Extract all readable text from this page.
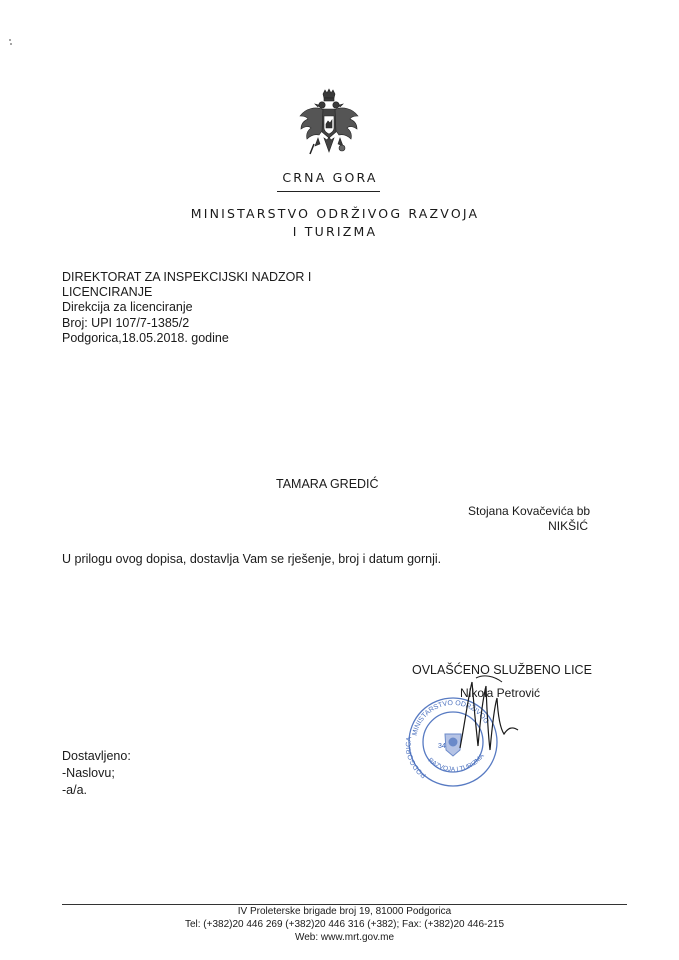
CRNA GORA
MINISTARSTVO ODRŽIVOG RAZVOJA
I TURIZMA
DIREKTORAT ZA INSPEKCIJSKI NADZOR I
LICENCIRANJE
Direkcija za licenciranje
Broj: UPI 107/7-1385/2
Podgorica,18.05.2018. godine
TAMARA GREDIĆ
Stojana Kovačevića bb
NIKŠIĆ
U prilogu ovog dopisa, dostavlja Vam se rješenje, broj i datum gornji.
OVLAŠĆENO SLUŽBENO LICE
MINISTARSTVO ODRŽIVOG
PODGORICA
RAZVOJA I TURIZMA
34
Nikola Petrović
Dostavljeno:
-Naslovu;
-a/a.
IV Proleterske brigade broj 19, 81000 Podgorica
Tel: (+382)20 446 269 (+382)20 446 316 (+382); Fax: (+382)20 446-215
Web: www.mrt.gov.me
